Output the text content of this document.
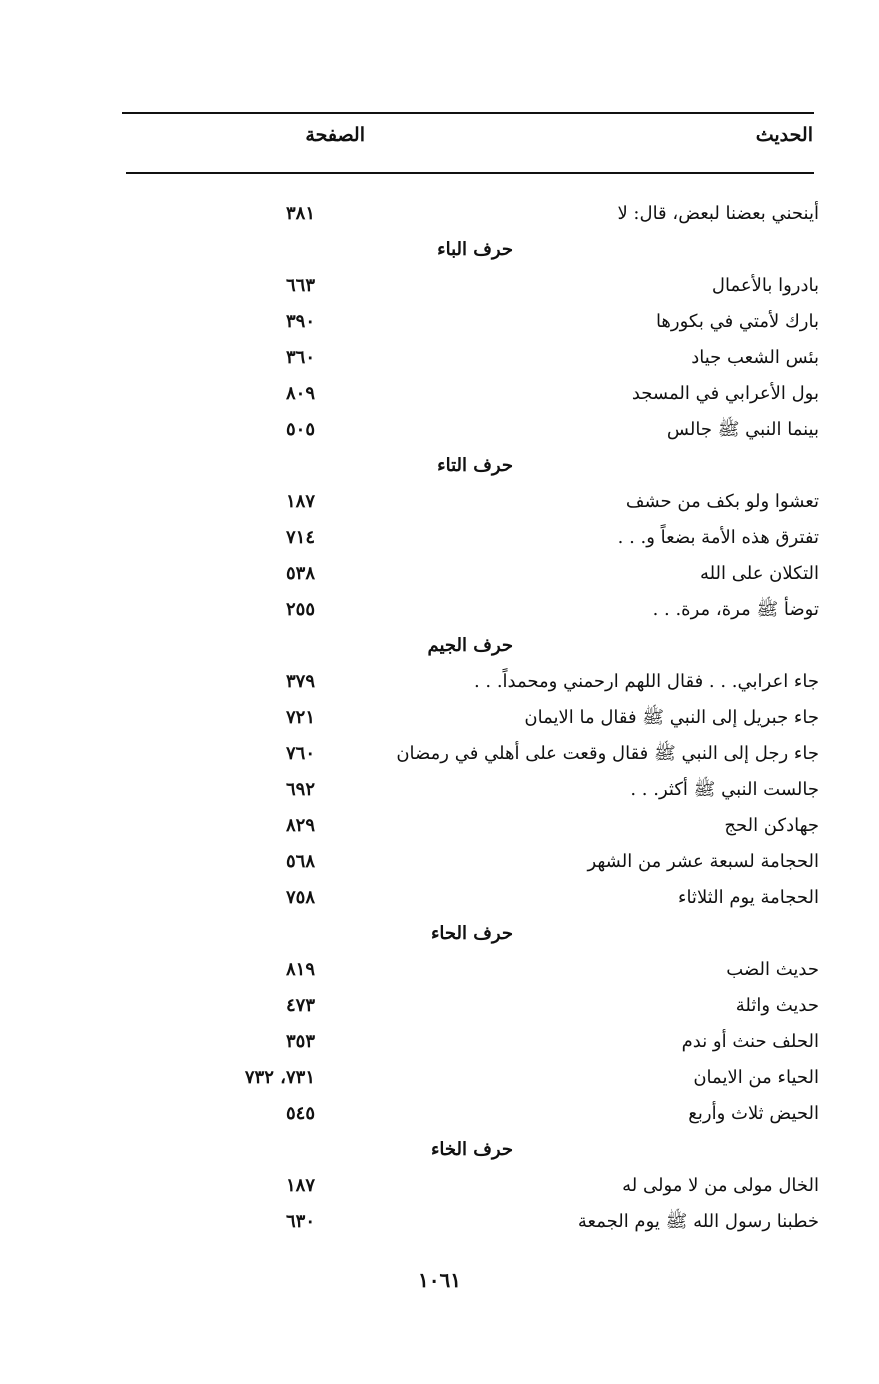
الحديث
الصفحة
أينحني بعضنا لبعض، قال: لا
٣٨١
حرف الباء
بادروا بالأعمال
٦٦٣
بارك لأمتي في بكورها
٣٩٠
بئس الشعب جياد
٣٦٠
بول الأعرابي في المسجد
٨٠٩
بينما النبي ﷺ جالس
٥٠٥
حرف التاء
تعشوا ولو بكف من حشف
١٨٧
تفترق هذه الأمة بضعاً و. . .
٧١٤
التكلان على الله
٥٣٨
توضأ ﷺ مرة، مرة. . .
٢٥٥
حرف الجيم
جاء اعرابي. . . فقال اللهم ارحمني ومحمداً. . .
٣٧٩
جاء جبريل إلى النبي ﷺ فقال ما الايمان
٧٢١
جاء رجل إلى النبي ﷺ فقال وقعت على أهلي في رمضان
٧٦٠
جالست النبي ﷺ أكثر. . .
٦٩٢
جهادكن الحج
٨٢٩
الحجامة لسبعة عشر من الشهر
٥٦٨
الحجامة يوم الثلاثاء
٧٥٨
حرف الحاء
حديث الضب
٨١٩
حديث واثلة
٤٧٣
الحلف حنث أو ندم
٣٥٣
الحياء من الايمان
٧٣١، ٧٣٢
الحيض ثلاث وأربع
٥٤٥
حرف الخاء
الخال مولى من لا مولى له
١٨٧
خطبنا رسول الله ﷺ يوم الجمعة
٦٣٠
١٠٦١
